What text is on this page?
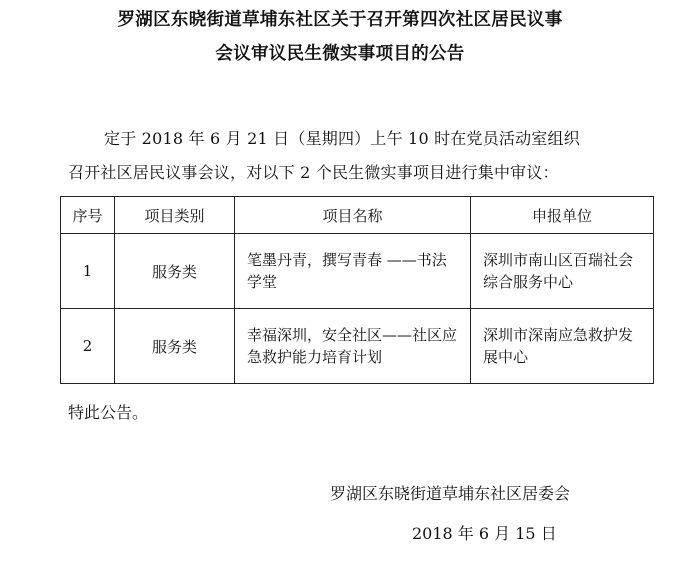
罗湖区东晓街道草埔东社区关于召开第四次社区居民议事
会议审议民生微实事项目的公告
定于 2018 年 6 月 21 日（星期四）上午 10 时在党员活动室组织
召开社区居民议事会议，对以下 2 个民生微实事项目进行集中审议：
序号	项目类别	项目名称	申报单位
1	服务类	笔墨丹青，撰写青春 ——书法学堂	深圳市南山区百瑞社会综合服务中心
2	服务类	幸福深圳，安全社区——社区应急救护能力培育计划	深圳市深南应急救护发展中心
特此公告。
罗湖区东晓街道草埔东社区居委会
2018 年 6 月 15 日
